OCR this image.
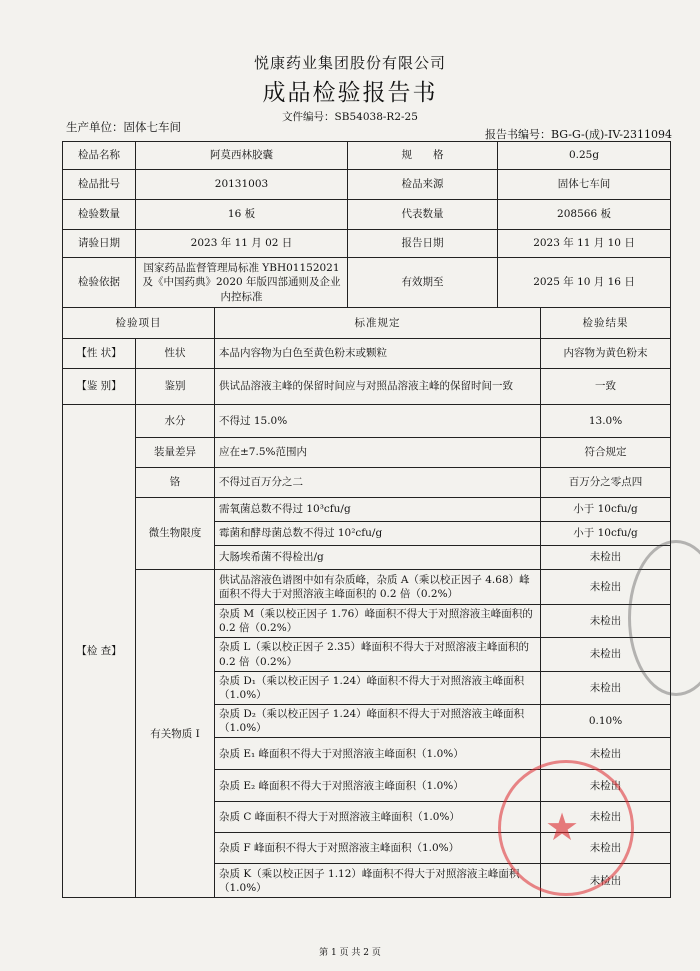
悦康药业集团股份有限公司
成品检验报告书
文件编号：SB54038-R2-25
生产单位：固体七车间
报告书编号：BG-G-(成)-IV-2311094
检品名称	阿莫西林胶囊		规　　格	0.25g	
检品批号	20131003		检品来源	固体七车间	
检验数量	16 板		代表数量	208566 板	
请验日期	2023 年 11 月 02 日		报告日期	2023 年 11 月 10 日	
检验依据	国家药品监督管理局标准 YBH01152021 及《中国药典》2020 年版四部通则及企业内控标准		有效期至	2025 年 10 月 16 日	
检验项目		标准规定			检验结果
【性 状】	性状	本品内容物为白色至黄色粉末或颗粒			内容物为黄色粉末
【鉴 别】	鉴别	供试品溶液主峰的保留时间应与对照品溶液主峰的保留时间一致			一致
【检 查】	水分	不得过 15.0%			13.0%
	装量差异	应在±7.5%范围内			符合规定
	铬	不得过百万分之二			百万分之零点四
	微生物限度	需氧菌总数不得过 10³cfu/g			小于 10cfu/g
		霉菌和酵母菌总数不得过 10²cfu/g			小于 10cfu/g
		大肠埃希菌不得检出/g			未检出
	有关物质 I	供试品溶液色谱图中如有杂质峰，杂质 A（乘以校正因子 4.68）峰面积不得大于对照溶液主峰面积的 0.2 倍（0.2%）			未检出
		杂质 M（乘以校正因子 1.76）峰面积不得大于对照溶液主峰面积的 0.2 倍（0.2%）			未检出
		杂质 L（乘以校正因子 2.35）峰面积不得大于对照溶液主峰面积的 0.2 倍（0.2%）			未检出
		杂质 D₁（乘以校正因子 1.24）峰面积不得大于对照溶液主峰面积（1.0%）			未检出
		杂质 D₂（乘以校正因子 1.24）峰面积不得大于对照溶液主峰面积（1.0%）			0.10%
		杂质 E₁ 峰面积不得大于对照溶液主峰面积（1.0%）			未检出
		杂质 E₂ 峰面积不得大于对照溶液主峰面积（1.0%）			未检出
		杂质 C 峰面积不得大于对照溶液主峰面积（1.0%）			未检出
		杂质 F 峰面积不得大于对照溶液主峰面积（1.0%）			未检出
		杂质 K（乘以校正因子 1.12）峰面积不得大于对照溶液主峰面积（1.0%）			未检出
★
第 1 页 共 2 页
